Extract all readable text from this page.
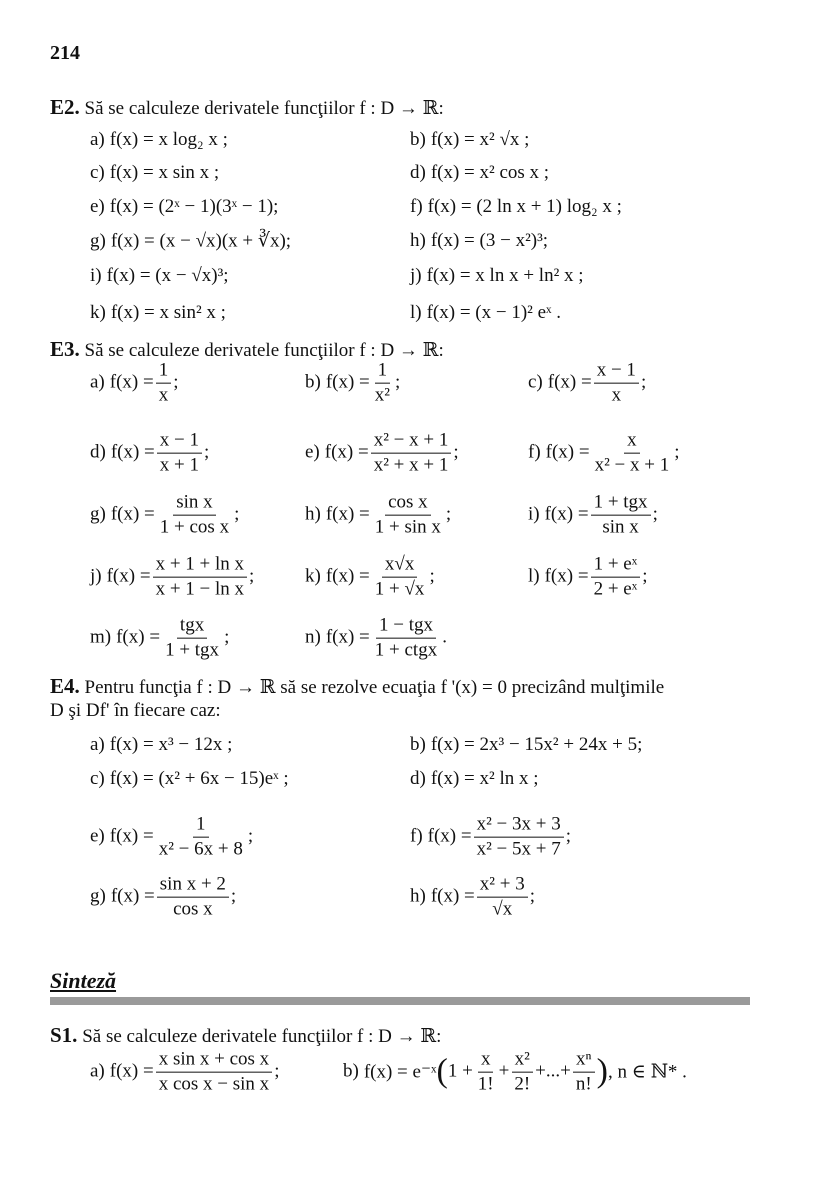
214
Sinteză
E2. Să se calculeze derivatele funcţiilor f : D → ℝ:
a) f(x) = x log₂ x ;	b) f(x) = x² √x ;
c) f(x) = x sin x ;	d) f(x) = x² cos x ;
e) f(x) = (2ˣ − 1)(3ˣ − 1);	f) f(x) = (2 ln x + 1) log₂ x ;
g) f(x) = (x − √x)(x + ∛x);	h) f(x) = (3 − x²)³;
i) f(x) = (x − √x)³;	j) f(x) = x ln x + ln² x ;
k) f(x) = x sin² x ;	l) f(x) = (x − 1)² eˣ .
E3. Să se calculeze derivatele funcţiilor f : D → ℝ:
a) $f(x) = \frac{1}{x}$ ;	b) $f(x) = \frac{1}{\text{x²}}$ ;	c) $f(x) = \frac{x - 1}{x}$ ;
d) $f(x) = \frac{x - 1}{x + 1}$ ;	e) $f(x) = \frac{\text{x² − x + 1}}{\text{x² + x + 1}}$ ;	f) $f(x) = \frac{x}{\text{x² − x + 1}}$ ;
g) $f(x) = \frac{\text{sin x}}{\text{1 + cos x}}$ ;	h) $f(x) = \frac{\text{cos x}}{\text{1 + sin x}}$ ;	i) $f(x) = \frac{\text{1 + tgx}}{\text{sin x}}$ ;
j) $f(x) = \frac{\text{x + 1 + ln x}}{\text{x + 1 − ln x}}$ ;	k) $f(x) = \frac{x√x}{1 + √x}$ ;	l) $f(x) = \frac{\text{1 + eˣ}}{\text{2 + eˣ}}$ ;
m) $f(x) = \frac{\text{tgx}}{\text{1 + tgx}}$ ;	n) $f(x) = \frac{\text{1 − tgx}}{\text{1 + ctgx}}$ .
E4. Pentru funcţia f : D → ℝ să se rezolve ecuaţia f '(x) = 0 precizând mulţimile
D şi Df' în fiecare caz:
a) f(x) = x³ − 12x ;	b) f(x) = 2x³ − 15x² + 24x + 5;
c) f(x) = (x² + 6x − 15)eˣ ;	d) f(x) = x² ln x ;
e) $f(x) = \frac{1}{\text{x² − 6x + 8}}$ ;	f) $f(x) = \frac{\text{x² − 3x + 3}}{\text{x² − 5x + 7}}$ ;
g) $f(x) = \frac{\text{sin x + 2}}{\text{cos x}}$ ;	h) $f(x) = \frac{\text{x² + 3}}{√x}$ ;
S1. Să se calculeze derivatele funcţiilor f : D → ℝ:
a) $f(x) = \frac{\text{x sin x + cos x}}{\text{x cos x − sin x}}$ ;	b) f(x) = e⁻ˣ ( $1 + \frac{x}{1!} + \frac{\text{x²}}{2!}$ +...+ $\frac{\text{xⁿ}}{n!}$ ) , n ∈ ℕ* .
